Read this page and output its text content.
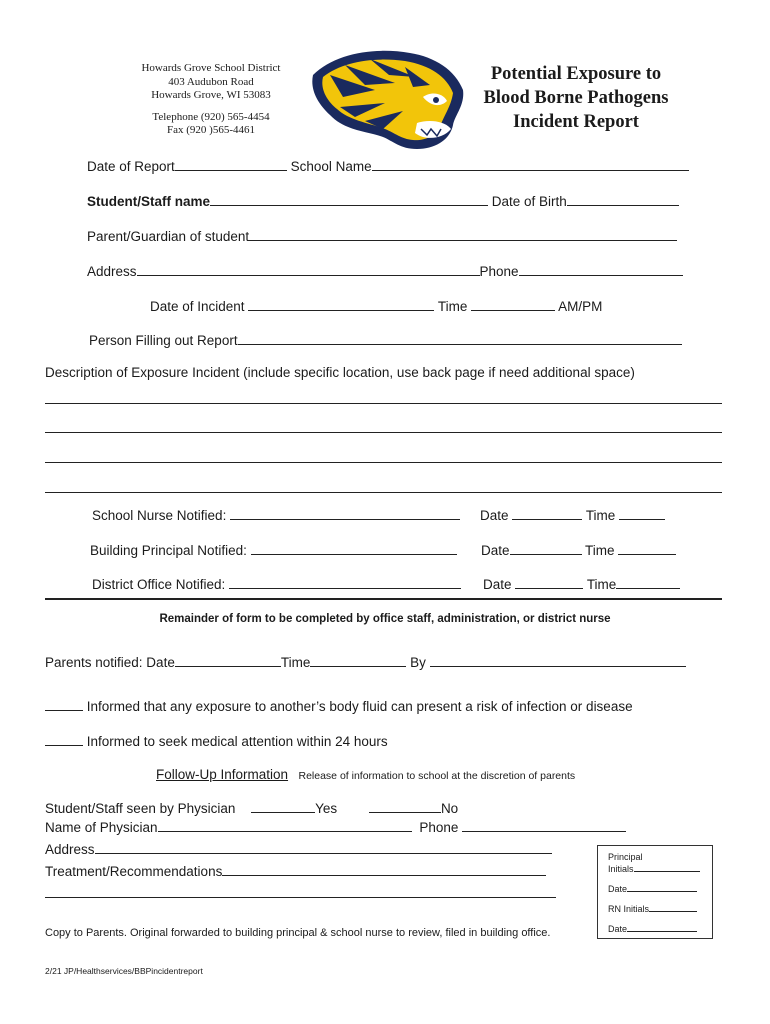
Howards Grove School District
403 Audubon Road
Howards Grove, WI 53083
Telephone (920) 565-4454
Fax (920 )565-4461
Potential Exposure to
Blood Borne Pathogens
Incident Report
Date of Report	School Name
Student/Staff name	Date of Birth
Parent/Guardian of student
Address	Phone
Date of Incident	Time	AM/PM
Person Filling out Report
Description of Exposure Incident (include specific location, use back page if need additional space)
School Nurse Notified:	Date	Time
Building Principal Notified:	Date	Time
District Office Notified:	Date	Time
Remainder of form to be completed by office staff, administration, or district nurse
Parents notified: Date	Time	By
Informed that any exposure to another’s body fluid can present a risk of infection or disease
Informed to seek medical attention within 24 hours
Follow-Up Information Release of information to school at the discretion of parents
Student/Staff seen by Physician	Yes	No
Name of Physician	Phone
Address
Treatment/Recommendations
Principal
Initials
Date
RN Initials
Date
Copy to Parents. Original forwarded to building principal & school nurse to review, filed in building office.
2/21 JP/Healthservices/BBPincidentreport
